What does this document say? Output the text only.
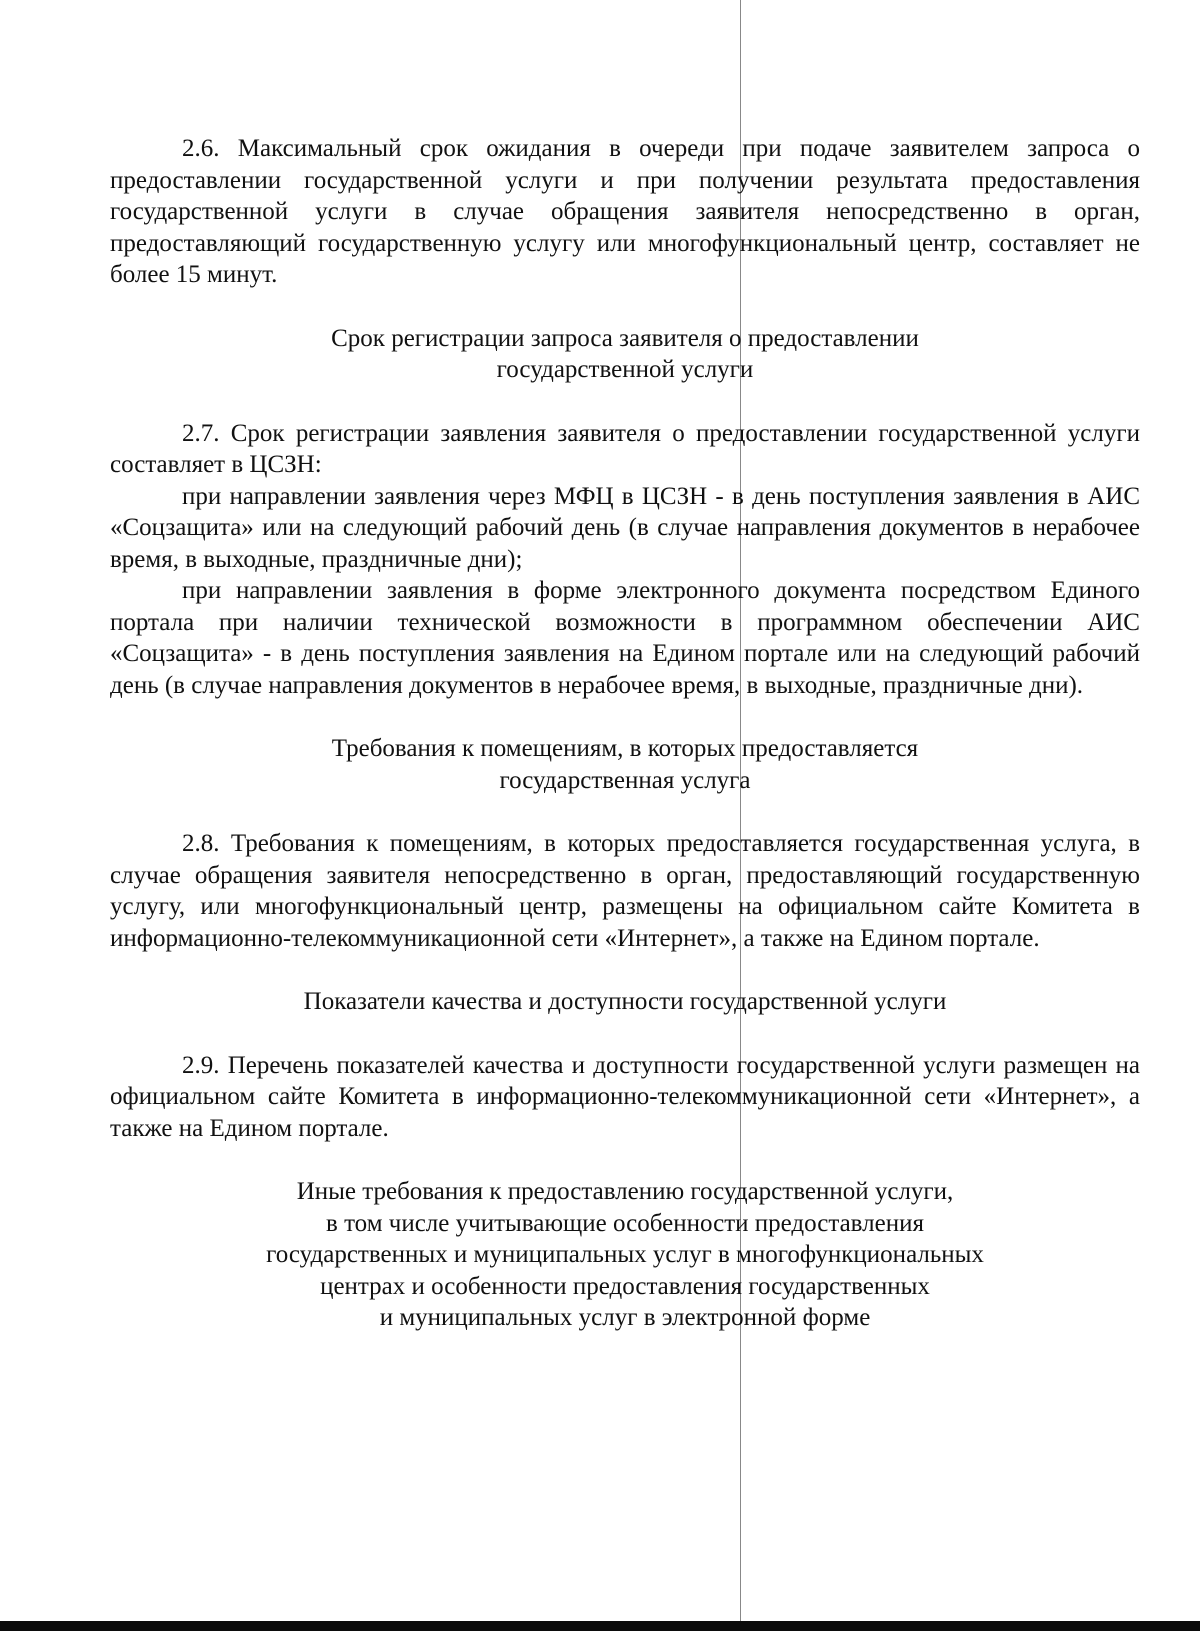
2.6. Максимальный срок ожидания в очереди при подаче заявителем запроса о предоставлении государственной услуги и при получении результата предоставления государственной услуги в случае обращения заявителя непосредственно в орган, предоставляющий государственную услугу или многофункциональный центр, составляет не более 15 минут.

Срок регистрации запроса заявителя о предоставлении
государственной услуги

2.7. Срок регистрации заявления заявителя о предоставлении государственной услуги составляет в ЦСЗН:

при направлении заявления через МФЦ в ЦСЗН - в день поступления заявления в АИС «Соцзащита» или на следующий рабочий день (в случае направления документов в нерабочее время, в выходные, праздничные дни);

при направлении заявления в форме электронного документа посредством Единого портала при наличии технической возможности в программном обеспечении АИС «Соцзащита» - в день поступления заявления на Едином портале или на следующий рабочий день (в случае направления документов в нерабочее время, в выходные, праздничные дни).

Требования к помещениям, в которых предоставляется
государственная услуга

2.8. Требования к помещениям, в которых предоставляется государственная услуга, в случае обращения заявителя непосредственно в орган, предоставляющий государственную услугу, или многофункциональный центр, размещены на официальном сайте Комитета в информационно-телекоммуникационной сети «Интернет», а также на Едином портале.

Показатели качества и доступности государственной услуги

2.9. Перечень показателей качества и доступности государственной услуги размещен на официальном сайте Комитета в информационно-телекоммуникационной сети «Интернет», а также на Едином портале.

Иные требования к предоставлению государственной услуги,
в том числе учитывающие особенности предоставления
государственных и муниципальных услуг в многофункциональных
центрах и особенности предоставления государственных
и муниципальных услуг в электронной форме
